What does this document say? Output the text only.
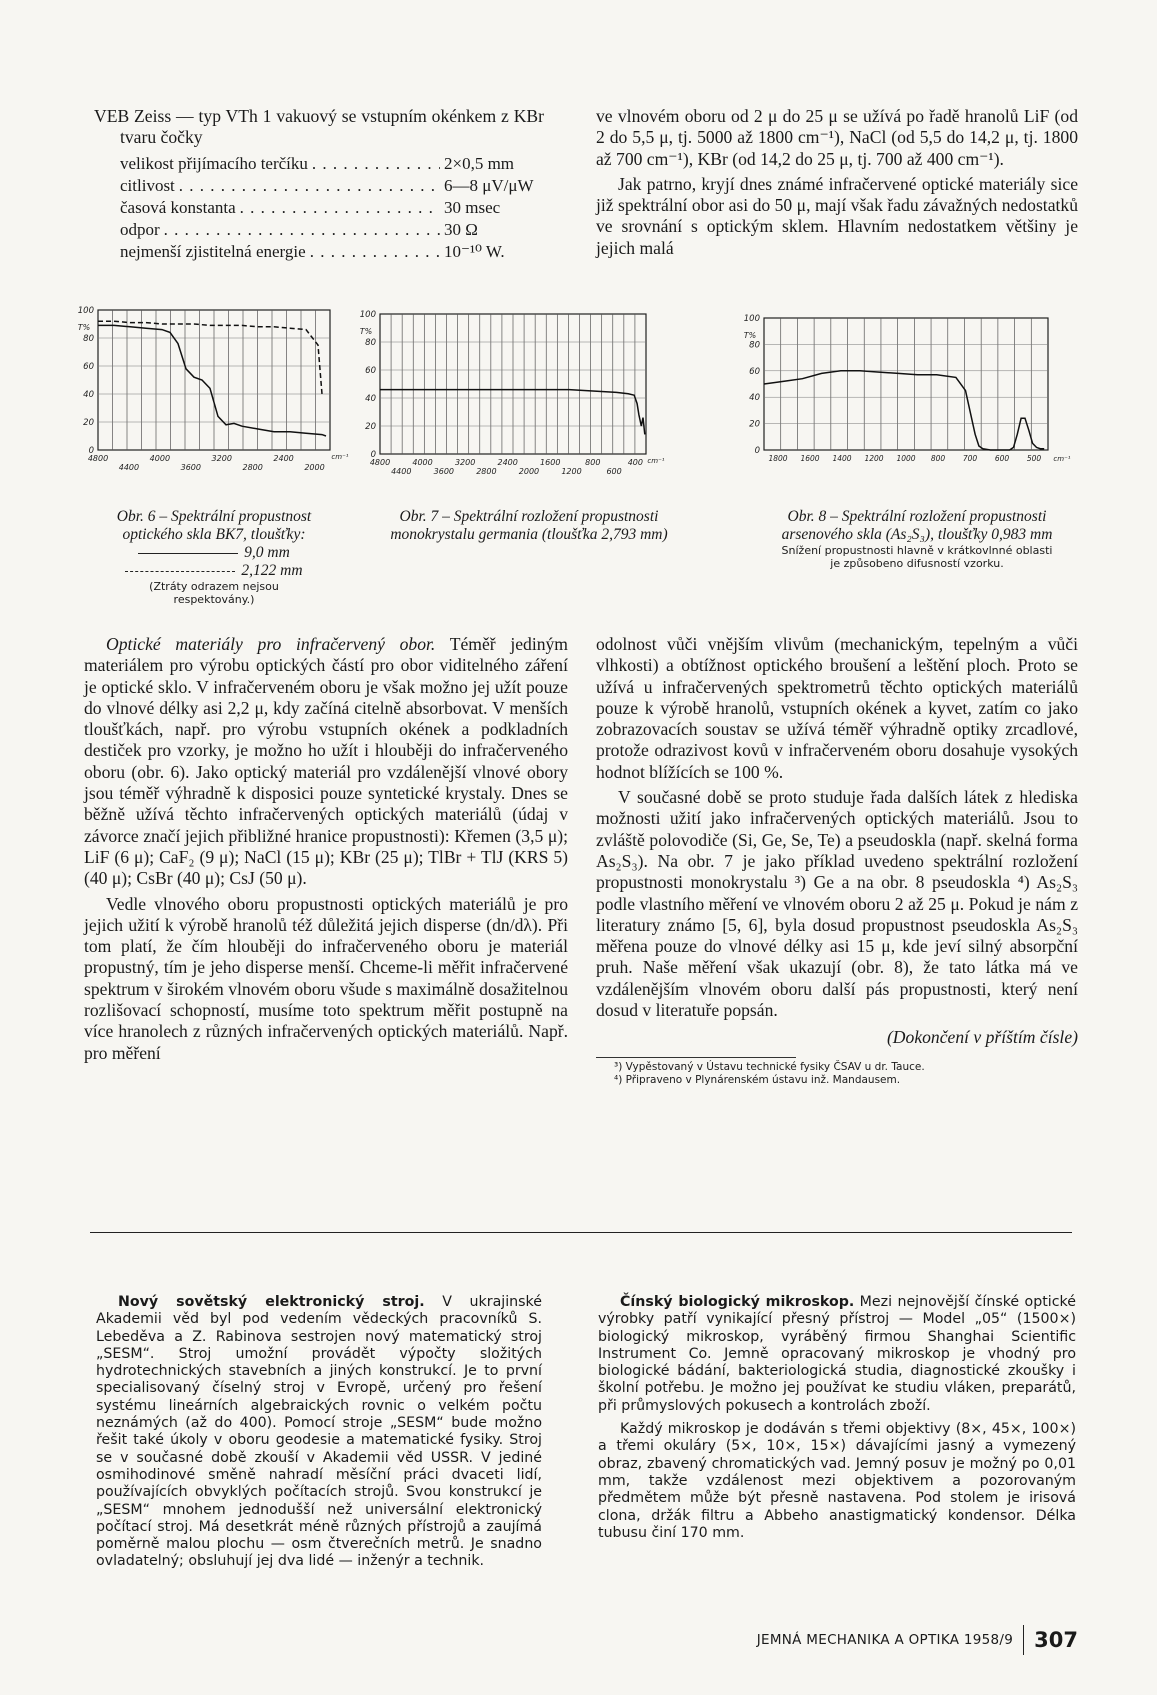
VEB Zeiss — typ VTh 1 vakuový se vstupním okénkem z KBr tvaru čočky

velikost přijímacího terčíku . . .	2×0,5 mm
citlivost . . .	6—8 μV/μW
časová konstanta . . .	30 msec
odpor . . .	30 Ω
nejmenší zjistitelná energie . . .	10⁻¹⁰ W.

ve vlnovém oboru od 2 μ do 25 μ se užívá po řadě hranolů LiF (od 2 do 5,5 μ, tj. 5000 až 1800 cm⁻¹), NaCl (od 5,5 do 14,2 μ, tj. 1800 až 700 cm⁻¹), KBr (od 14,2 do 25 μ, tj. 700 až 400 cm⁻¹).

Jak patrno, kryjí dnes známé infračervené optické materiály sice již spektrální obor asi do 50 μ, mají však řadu závažných nedostatků ve srovnání s optickým sklem. Hlavním nedostatkem většiny je jejich malá

100
80
60
40
20
0
T%
4800	4000	3200	2400
4400	3600	2800	2000
cm⁻¹
100
80
60
40
20
0
T%
4800	4000	3200	2400	1600	800	400
4400	3600	2800	2000	1200	600
cm⁻¹
100
80
60
40
20
0
T%
1800 1600 1400 1200 1000 800 700 600 500 cm⁻¹
Obr. 6 – Spektrální propustnost optického skla BK7, tloušťky:
9,0 mm
2,122 mm
(Ztráty odrazem nejsou respektovány.)
Obr. 7 – Spektrální rozložení propustnosti monokrystalu germania (tloušťka 2,793 mm)
Obr. 8 – Spektrální rozložení propustnosti arsenového skla (As₂S₃), tloušťky 0,983 mm
Snížení propustnosti hlavně v krátkovlnné oblasti je způsobeno difusností vzorku.

Optické materiály pro infračervený obor. Téměř jediným materiálem pro výrobu optických částí pro obor viditelného záření je optické sklo. V infračerveném oboru je však možno jej užít pouze do vlnové délky asi 2,2 μ, kdy začíná citelně absorbovat. V menších tloušťkách, např. pro výrobu vstupních okének a podkladních destiček pro vzorky, je možno ho užít i hlouběji do infračerveného oboru (obr. 6). Jako optický materiál pro vzdálenější vlnové obory jsou téměř výhradně k disposici pouze syntetické krystaly. Dnes se běžně užívá těchto infračervených optických materiálů (údaj v závorce značí jejich přibližné hranice propustnosti): Křemen (3,5 μ); LiF (6 μ); CaF₂ (9 μ); NaCl (15 μ); KBr (25 μ); TlBr + TlJ (KRS 5) (40 μ); CsBr (40 μ); CsJ (50 μ).

Vedle vlnového oboru propustnosti optických materiálů je pro jejich užití k výrobě hranolů též důležitá jejich disperse (dn/dλ). Při tom platí, že čím hlouběji do infračerveného oboru je materiál propustný, tím je jeho disperse menší. Chceme-li měřit infračervené spektrum v širokém vlnovém oboru všude s maximálně dosažitelnou rozlišovací schopností, musíme toto spektrum měřit postupně na více hranolech z různých infračervených optických materiálů. Např. pro měření

odolnost vůči vnějším vlivům (mechanickým, tepelným a vůči vlhkosti) a obtížnost optického broušení a leštění ploch. Proto se užívá u infračervených spektrometrů těchto optických materiálů pouze k výrobě hranolů, vstupních okének a kyvet, zatím co jako zobrazovacích soustav se užívá téměř výhradně optiky zrcadlové, protože odrazivost kovů v infračerveném oboru dosahuje vysokých hodnot blížících se 100 %.

V současné době se proto studuje řada dalších látek z hlediska možnosti užití jako infračervených optických materiálů. Jsou to zvláště polovodiče (Si, Ge, Se, Te) a pseudoskla (např. skelná forma As₂S₃). Na obr. 7 je jako příklad uvedeno spektrální rozložení propustnosti monokrystalu ³) Ge a na obr. 8 pseudoskla ⁴) As₂S₃ podle vlastního měření ve vlnovém oboru 2 až 25 μ. Pokud je nám z literatury známo [5, 6], byla dosud propustnost pseudoskla As₂S₃ měřena pouze do vlnové délky asi 15 μ, kde jeví silný absorpční pruh. Naše měření však ukazují (obr. 8), že tato látka má ve vzdálenějším vlnovém oboru další pás propustnosti, který není dosud v literatuře popsán.

(Dokončení v příštím čísle)

³) Vypěstovaný v Ústavu technické fysiky ČSAV u dr. Tauce.
⁴) Připraveno v Plynárenském ústavu inž. Mandausem.

Nový sovětský elektronický stroj. V ukrajinské Akademii věd byl pod vedením vědeckých pracovníků S. Lebeděva a Z. Rabinova sestrojen nový matematický stroj „SESM“. Stroj umožní provádět výpočty složitých hydrotechnických stavebních a jiných konstrukcí. Je to první specialisovaný číselný stroj v Evropě, určený pro řešení systému lineárních algebraických rovnic o velkém počtu neznámých (až do 400). Pomocí stroje „SESM“ bude možno řešit také úkoly v oboru geodesie a matematické fysiky. Stroj se v současné době zkouší v Akademii věd USSR. V jediné osmihodinové směně nahradí měsíční práci dvaceti lidí, používajících obvyklých počítacích strojů. Svou konstrukcí je „SESM“ mnohem jednodušší než universální elektronický počítací stroj. Má desetkrát méně různých přístrojů a zaujímá poměrně malou plochu — osm čtverečních metrů. Je snadno ovladatelný; obsluhují jej dva lidé — inženýr a technik.

Čínský biologický mikroskop. Mezi nejnovější čínské optické výrobky patří vynikající přesný přístroj — Model „05“ (1500×) biologický mikroskop, vyráběný firmou Shanghai Scientific Instrument Co. Jemně opracovaný mikroskop je vhodný pro biologické bádání, bakteriologická studia, diagnostické zkoušky i školní potřebu. Je možno jej používat ke studiu vláken, preparátů, při průmyslových pokusech a kontrolách zboží.

Každý mikroskop je dodáván s třemi objektivy (8×, 45×, 100×) a třemi okuláry (5×, 10×, 15×) dávajícími jasný a vymezený obraz, zbavený chromatických vad. Jemný posuv je možný po 0,01 mm, takže vzdálenost mezi objektivem a pozorovaným předmětem může být přesně nastavena. Pod stolem je irisová clona, držák filtru a Abbeho anastigmatický kondensor. Délka tubusu činí 170 mm.

JEMNÁ MECHANIKA A OPTIKA 1958/9 307
